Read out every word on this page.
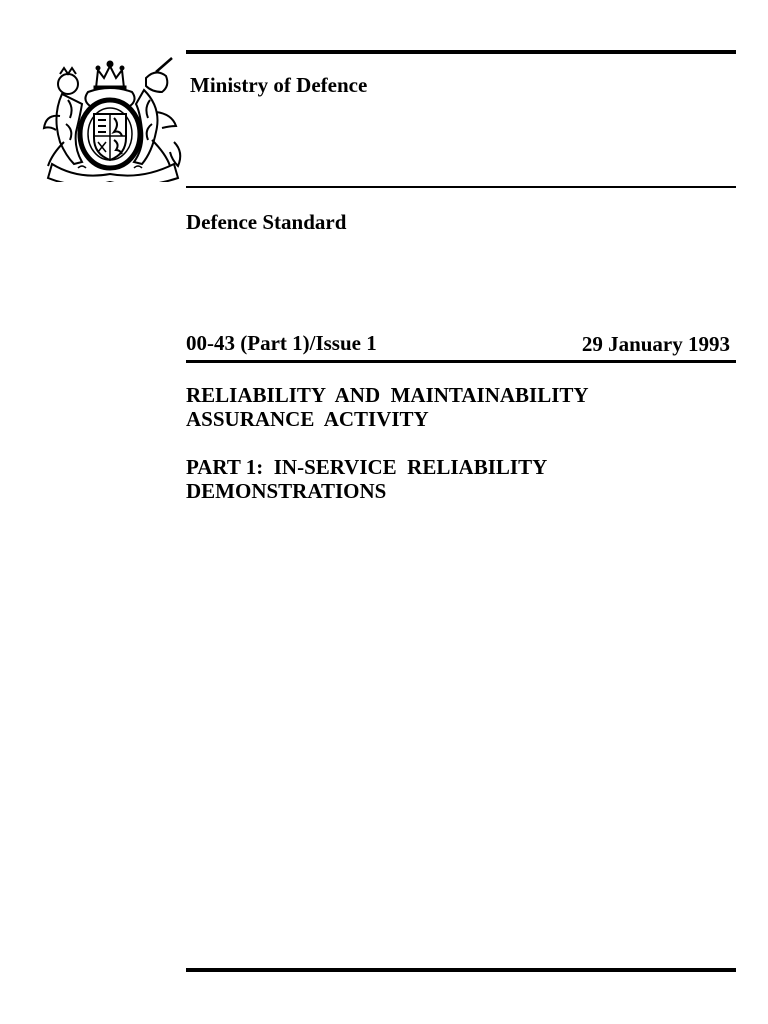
Ministry of Defence
Defence Standard
00-43 (Part 1)/Issue 1	29 January 1993
RELIABILITY  AND  MAINTAINABILITY
ASSURANCE  ACTIVITY
PART 1:  IN-SERVICE  RELIABILITY
DEMONSTRATIONS
